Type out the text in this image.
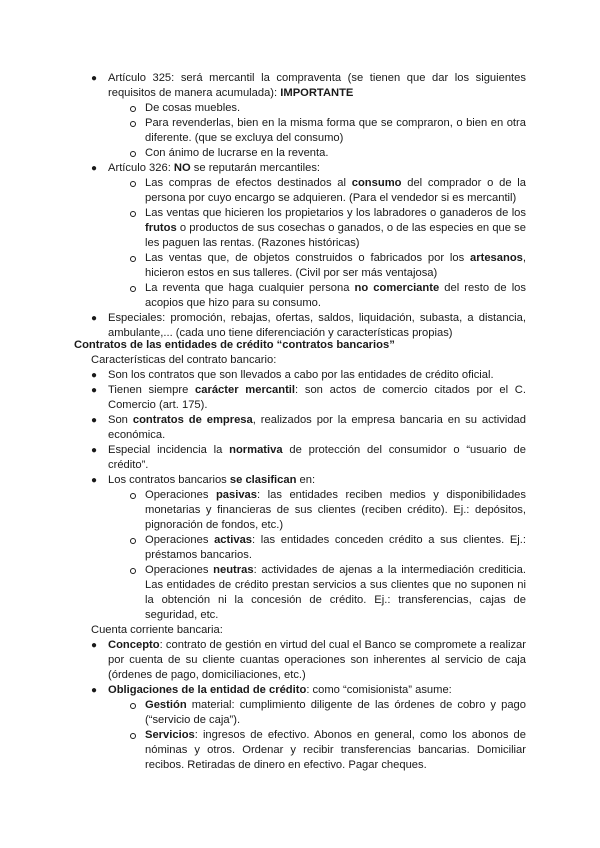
● Artículo 325: será mercantil la compraventa (se tienen que dar los siguientes

requisitos de manera acumulada): IMPORTANTE

De cosas muebles.

Para revenderlas, bien en la misma forma que se compraron, o bien en otra

diferente. (que se excluya del consumo)

Con ánimo de lucrarse en la reventa.

● Artículo 326: NO se reputarán mercantiles:

Las compras de efectos destinados al consumo del comprador o de la

persona por cuyo encargo se adquieren. (Para el vendedor si es mercantil)

Las ventas que hicieren los propietarios y los labradores o ganaderos de los

frutos o productos de sus cosechas o ganados, o de las especies en que se

les paguen las rentas. (Razones históricas)

Las ventas que, de objetos construidos o fabricados por los artesanos,

hicieron estos en sus talleres. (Civil por ser más ventajosa)

La reventa que haga cualquier persona no comerciante del resto de los

acopios que hizo para su consumo.

● Especiales: promoción, rebajas, ofertas, saldos, liquidación, subasta, a distancia,

ambulante,... (cada uno tiene diferenciación y características propias)

Contratos de las entidades de crédito “contratos bancarios”

Características del contrato bancario:

● Son los contratos que son llevados a cabo por las entidades de crédito oficial.

● Tienen siempre carácter mercantil: son actos de comercio citados por el C.

Comercio (art. 175).

● Son contratos de empresa, realizados por la empresa bancaria en su actividad

económica.

● Especial incidencia la normativa de protección del consumidor o “usuario de

crédito”.

● Los contratos bancarios se clasifican en:

Operaciones pasivas: las entidades reciben medios y disponibilidades

monetarias y financieras de sus clientes (reciben crédito). Ej.: depósitos,

pignoración de fondos, etc.)

Operaciones activas: las entidades conceden crédito a sus clientes. Ej.:

préstamos bancarios.

Operaciones neutras: actividades de ajenas a la intermediación crediticia.

Las entidades de crédito prestan servicios a sus clientes que no suponen ni

la obtención ni la concesión de crédito. Ej.: transferencias, cajas de

seguridad, etc.

Cuenta corriente bancaria:

● Concepto: contrato de gestión en virtud del cual el Banco se compromete a realizar

por cuenta de su cliente cuantas operaciones son inherentes al servicio de caja

(órdenes de pago, domiciliaciones, etc.)

● Obligaciones de la entidad de crédito: como “comisionista” asume:

Gestión material: cumplimiento diligente de las órdenes de cobro y pago

(“servicio de caja”).

Servicios: ingresos de efectivo. Abonos en general, como los abonos de

nóminas y otros. Ordenar y recibir transferencias bancarias. Domiciliar

recibos. Retiradas de dinero en efectivo. Pagar cheques.
